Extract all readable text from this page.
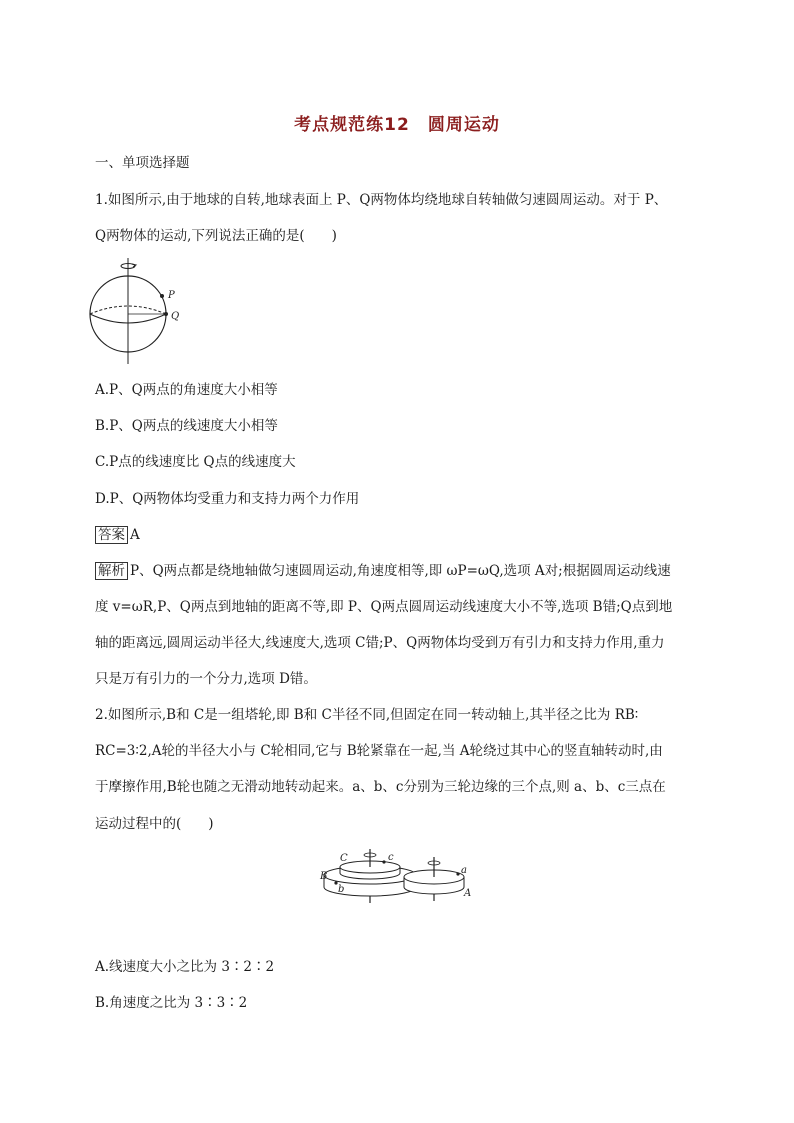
考点规范练12　圆周运动
一、单项选择题
1.如图所示,由于地球的自转,地球表面上 P、Q两物体均绕地球自转轴做匀速圆周运动。对于 P、
Q两物体的运动,下列说法正确的是(　　)
P
Q
A.P、Q两点的角速度大小相等
B.P、Q两点的线速度大小相等
C.P点的线速度比 Q点的线速度大
D.P、Q两物体均受重力和支持力两个力作用
答案 A
解析 P、Q两点都是绕地轴做匀速圆周运动,角速度相等,即 ωP=ωQ,选项 A对;根据圆周运动线速
度 v=ωR,P、Q两点到地轴的距离不等,即 P、Q两点圆周运动线速度大小不等,选项 B错;Q点到地
轴的距离远,圆周运动半径大,线速度大,选项 C错;P、Q两物体均受到万有引力和支持力作用,重力
只是万有引力的一个分力,选项 D错。
2.如图所示,B和 C是一组塔轮,即 B和 C半径不同,但固定在同一转动轴上,其半径之比为 RB∶
RC=3∶2,A轮的半径大小与 C轮相同,它与 B轮紧靠在一起,当 A轮绕过其中心的竖直轴转动时,由
于摩擦作用,B轮也随之无滑动地转动起来。a、b、c分别为三轮边缘的三个点,则 a、b、c三点在
运动过程中的(　　)
C	c
B
b
a
A
A.线速度大小之比为 3∶2∶2
B.角速度之比为 3∶3∶2
